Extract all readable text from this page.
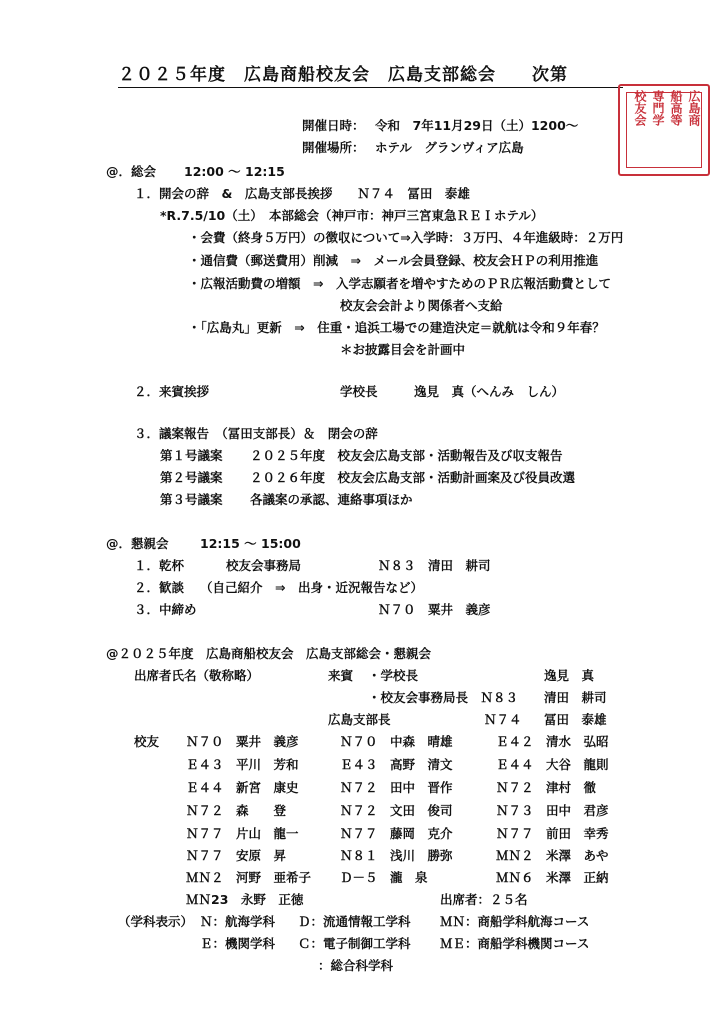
２０２５年度　広島商船校友会　広島支部総会　　次第
開催日時： 令和　7年11月29日（土）1200～
開催場所： ホテル　グランヴィア広島
広島商
船高等
専門学
校友会
@．総会 12:00 ～ 12:15
１．開会の辞　&　広島支部長挨拶　　Ｎ７４　冨田　泰雄
*R.7.5/10（土）　本部総会（神戸市：神戸三宮東急ＲＥＩホテル）
・会費（終身５万円）の徴収について⇒入学時：３万円、４年進級時：２万円
・通信費（郵送費用）削減　⇒　メール会員登録、校友会ＨＰの利用推進
・広報活動費の増額　⇒　入学志願者を増やすためのＰＲ広報活動費として
校友会会計より関係者へ支給
・「広島丸」更新　⇒　住重・追浜工場での建造決定＝就航は令和９年春？
＊お披露目会を計画中
２．来賓挨拶	学校長	逸見　真（へんみ　しん）
３．議案報告　（冨田支部長）＆　閉会の辞
第１号議案 ２０２５年度　校友会広島支部・活動報告及び収支報告
第２号議案 ２０２６年度　校友会広島支部・活動計画案及び役員改選
第３号議案 各議案の承認、連絡事項ほか
@．懇親会	12:15 ～ 15:00
１．乾杯	校友会事務局	Ｎ８３　清田　耕司
２．歓談 （自己紹介　⇒　出身・近況報告など）
３．中締め	Ｎ７０　粟井　義彦
@２０２５年度　広島商船校友会　広島支部総会・懇親会
出席者氏名（敬称略）	来賓 ・学校長	逸見　真
・校友会事務局長　Ｎ８３ 清田　耕司
広島支部長	Ｎ７４ 冨田　泰雄
校友 Ｎ７０　粟井　義彦	Ｎ７０　中森　晴雄	Ｅ４２　清水　弘昭
Ｅ４３　平川　芳和	Ｅ４３　高野　清文	Ｅ４４　大谷　龍則
Ｅ４４　新宮　康史	Ｎ７２　田中　晋作	Ｎ７２　津村　徹
Ｎ７２　森　　登	Ｎ７２　文田　俊司	Ｎ７３　田中　君彦
Ｎ７７　片山　龍一	Ｎ７７　藤岡　克介	Ｎ７７　前田　幸秀
Ｎ７７　安原　昇	Ｎ８１　浅川　勝弥	ＭＮ２　米澤　あや
ＭＮ２　河野　亜希子 Ｄ－５　瀧　泉	ＭＮ６　米澤　正納
ＭＮ23　永野　正徳	出席者：２５名
（学科表示） Ｎ：航海学科 Ｄ：流通情報工学科 ＭＮ：商船学科航海コース
Ｅ：機関学科 Ｃ：電子制御工学科 ＭＥ：商船学科機関コース
：総合科学科
